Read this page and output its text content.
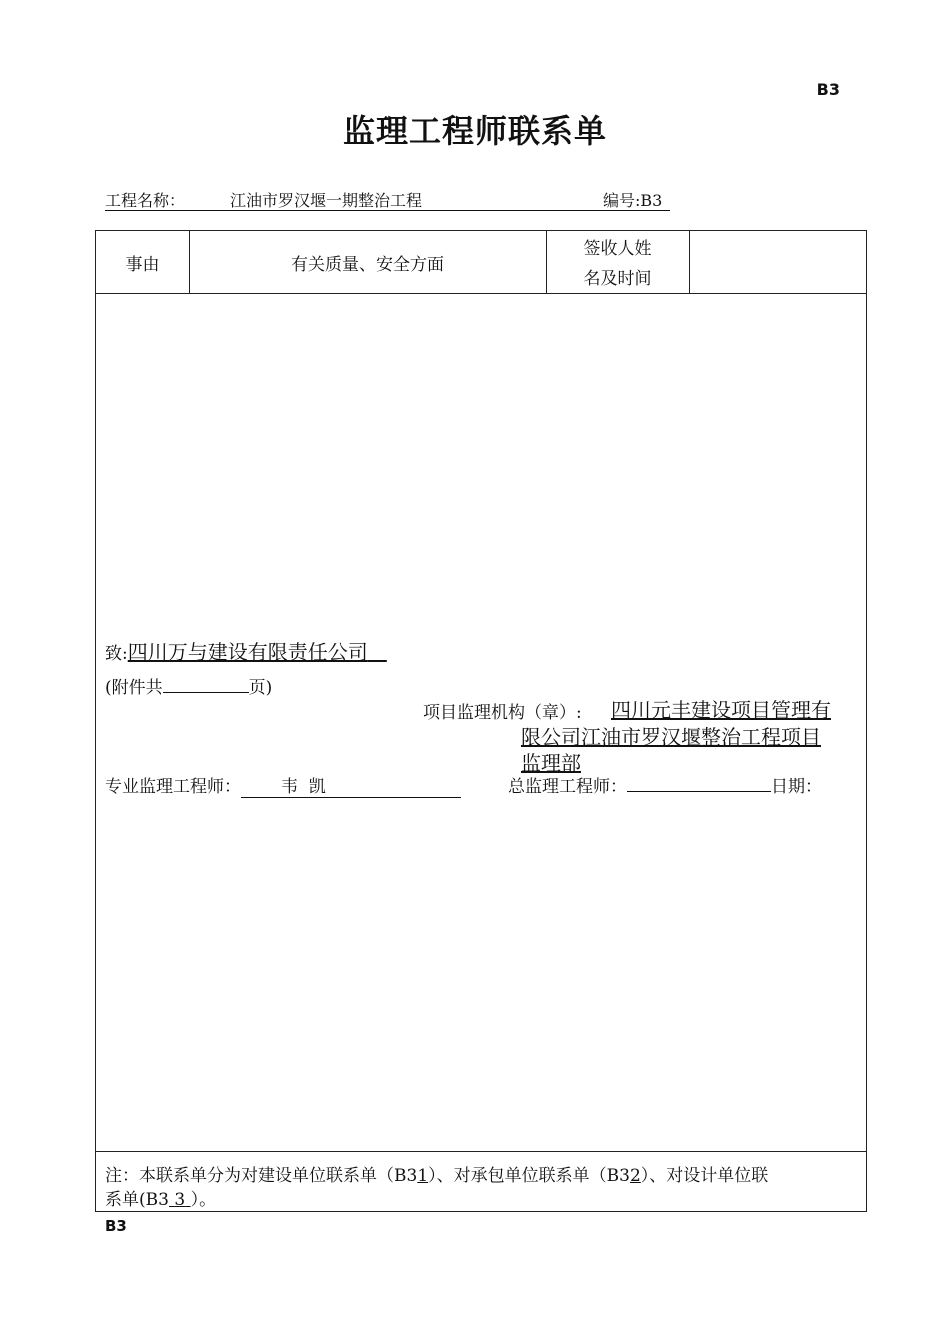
B3
监理工程师联系单
工程名称：	江油市罗汉堰一期整治工程	编号:B3
事由	有关质量、安全方面
签收人姓
名及时间
致:四川万与建设有限责任公司
(附件共	页)
项目监理机构（章）: 四川元丰建设项目管理有
限公司江油市罗汉堰整治工程项目
监理部
专业监理工程师： 韦  凯	总监理工程师：	日期：
注：本联系单分为对建设单位联系单（B31）、对承包单位联系单（B32）、对设计单位联
系单(B3 3 ）。
B3
